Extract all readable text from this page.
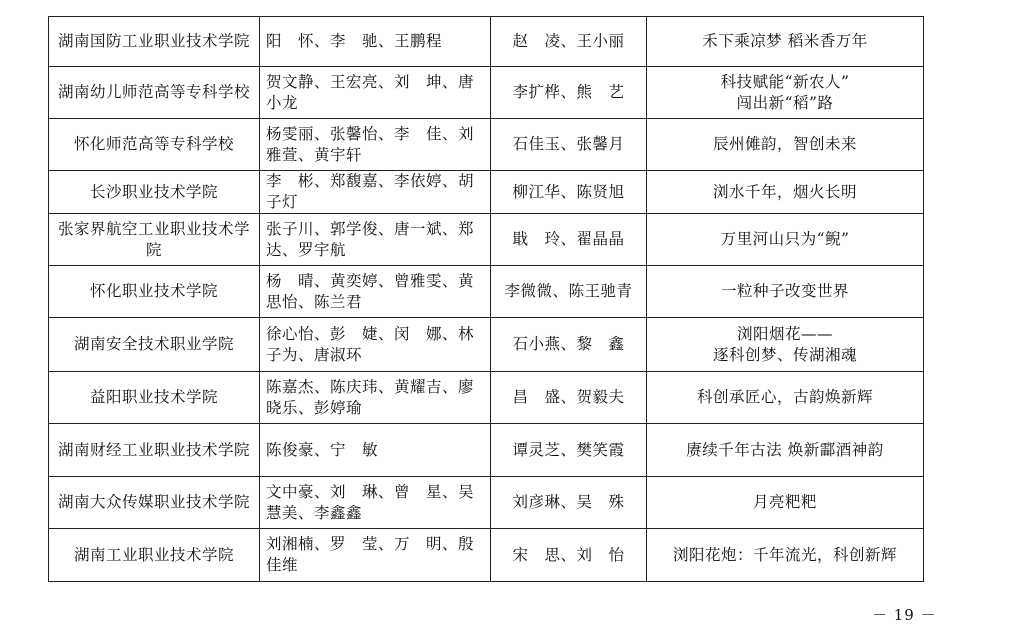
湖南国防工业职业技术学院	阳　怀、李　驰、王鹏程	赵　凌、王小丽	禾下乘凉梦 稻米香万年

湖南幼儿师范高等专科学校	贺文静、王宏亮、刘　坤、唐小龙	李扩桦、熊　艺	科技赋能“新农人”
闯出新“稻”路

怀化师范高等专科学校	杨雯丽、张馨怡、李　佳、刘雅萱、黄宇轩	石佳玉、张馨月	辰州傩韵，智创未来

长沙职业技术学院	李　彬、郑馥嘉、李依婷、胡子灯	柳江华、陈贤旭	浏水千年，烟火长明

张家界航空工业职业技术学院	张子川、郭学俊、唐一斌、郑　达、罗宇航	戢　玲、翟晶晶	万里河山只为“鲵”

怀化职业技术学院	杨　晴、黄奕婷、曾雅雯、黄思怡、陈兰君	李微微、陈王驰青	一粒种子改变世界

湖南安全技术职业学院	徐心怡、彭　婕、闵　娜、林子为、唐淑环	石小燕、黎　鑫	浏阳烟花——
逐科创梦、传湖湘魂

益阳职业技术学院	陈嘉杰、陈庆玮、黄耀吉、廖晓乐、彭婷瑜	昌　盛、贺毅夫	科创承匠心，古韵焕新辉

湖南财经工业职业技术学院	陈俊豪、宁　敏	谭灵芝、樊笑霞	赓续千年古法 焕新酃酒神韵

湖南大众传媒职业技术学院	文中豪、刘　琳、曾　星、吴慧美、李鑫鑫	刘彦琳、吴　殊	月亮粑粑

湖南工业职业技术学院	刘湘楠、罗　莹、万　明、殷佳维	宋　思、刘　怡	浏阳花炮：千年流光，科创新辉
－ 19 －
